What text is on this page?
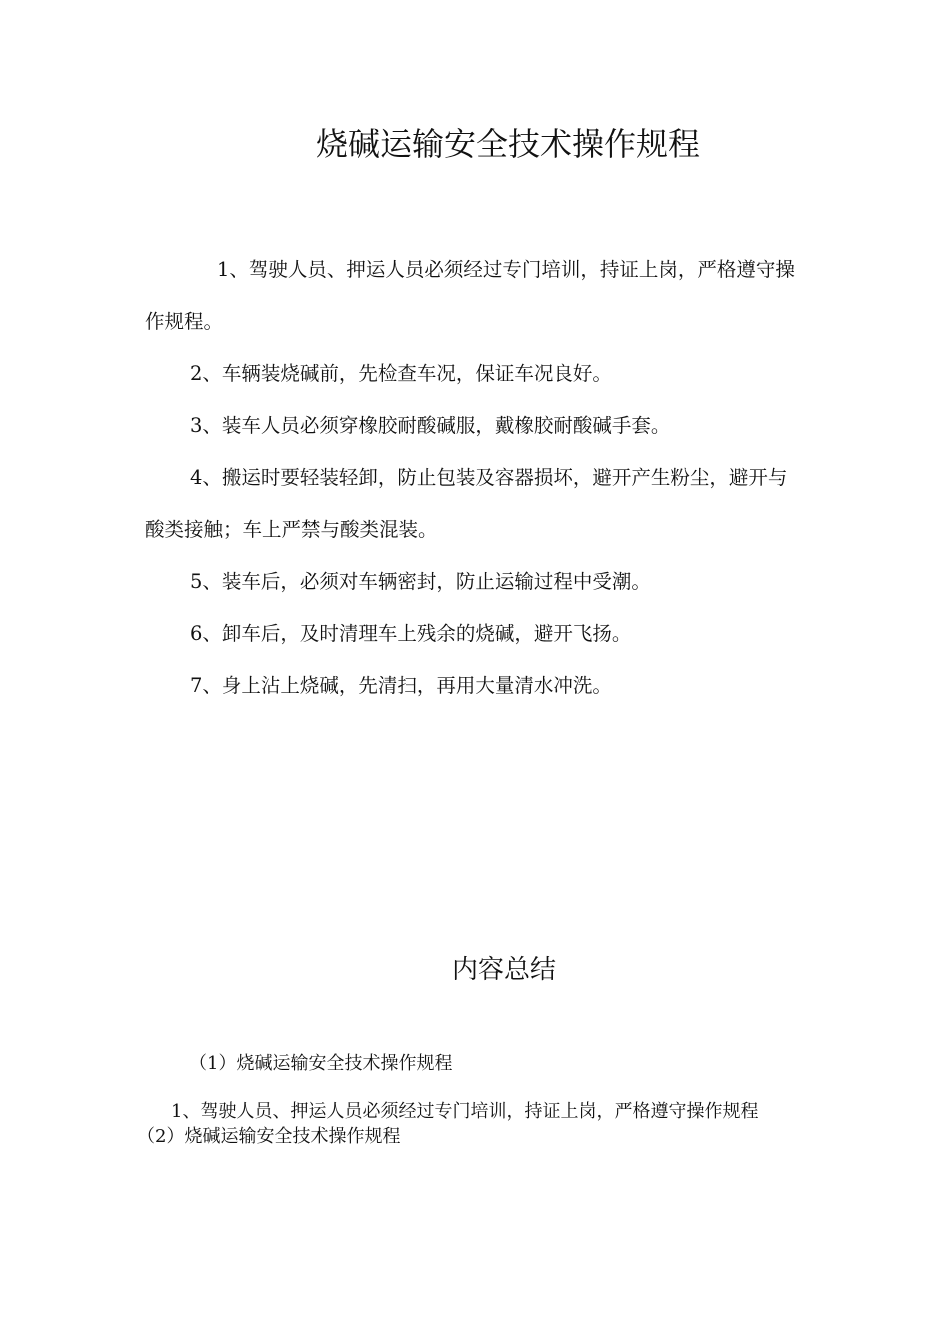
烧碱运输安全技术操作规程

1、驾驶人员、押运人员必须经过专门培训，持证上岗，严格遵守操作规程。

2、车辆装烧碱前，先检查车况，保证车况良好。

3、装车人员必须穿橡胶耐酸碱服，戴橡胶耐酸碱手套。

4、搬运时要轻装轻卸，防止包装及容器损坏，避开产生粉尘，避开与酸类接触；车上严禁与酸类混装。

5、装车后，必须对车辆密封，防止运输过程中受潮。

6、卸车后，及时清理车上残余的烧碱，避开飞扬。

7、身上沾上烧碱，先清扫，再用大量清水冲洗。

内容总结

（1）烧碱运输安全技术操作规程

1、驾驶人员、押运人员必须经过专门培训，持证上岗，严格遵守操作规程

（2）烧碱运输安全技术操作规程
